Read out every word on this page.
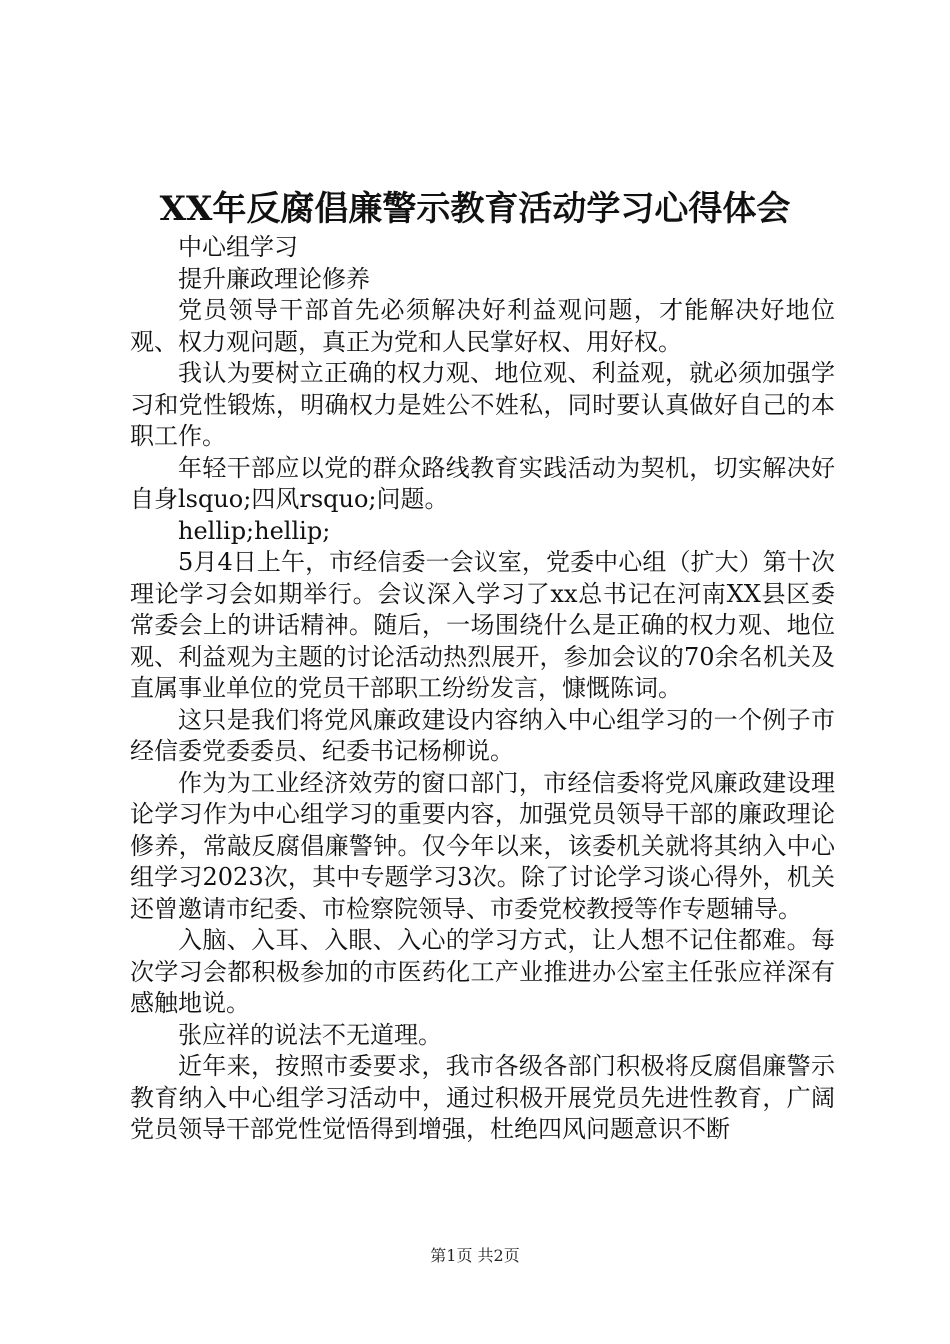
XX年反腐倡廉警示教育活动学习心得体会

中心组学习

提升廉政理论修养

党员领导干部首先必须解决好利益观问题，才能解决好地位观、权力观问题，真正为党和人民掌好权、用好权。

我认为要树立正确的权力观、地位观、利益观，就必须加强学习和党性锻炼，明确权力是姓公不姓私，同时要认真做好自己的本职工作。

年轻干部应以党的群众路线教育实践活动为契机，切实解决好自身lsquo;四风rsquo;问题。

hellip;hellip;

5月4日上午，市经信委一会议室，党委中心组（扩大）第十次理论学习会如期举行。会议深入学习了xx总书记在河南XX县区委常委会上的讲话精神。随后，一场围绕什么是正确的权力观、地位观、利益观为主题的讨论活动热烈展开，参加会议的70余名机关及直属事业单位的党员干部职工纷纷发言，慷慨陈词。

这只是我们将党风廉政建设内容纳入中心组学习的一个例子市经信委党委委员、纪委书记杨柳说。

作为为工业经济效劳的窗口部门，市经信委将党风廉政建设理论学习作为中心组学习的重要内容，加强党员领导干部的廉政理论修养，常敲反腐倡廉警钟。仅今年以来，该委机关就将其纳入中心组学习2023次，其中专题学习3次。除了讨论学习谈心得外，机关还曾邀请市纪委、市检察院领导、市委党校教授等作专题辅导。

入脑、入耳、入眼、入心的学习方式，让人想不记住都难。每次学习会都积极参加的市医药化工产业推进办公室主任张应祥深有感触地说。

张应祥的说法不无道理。

近年来，按照市委要求，我市各级各部门积极将反腐倡廉警示教育纳入中心组学习活动中，通过积极开展党员先进性教育，广阔党员领导干部党性觉悟得到增强，杜绝四风问题意识不断

第1页 共2页
